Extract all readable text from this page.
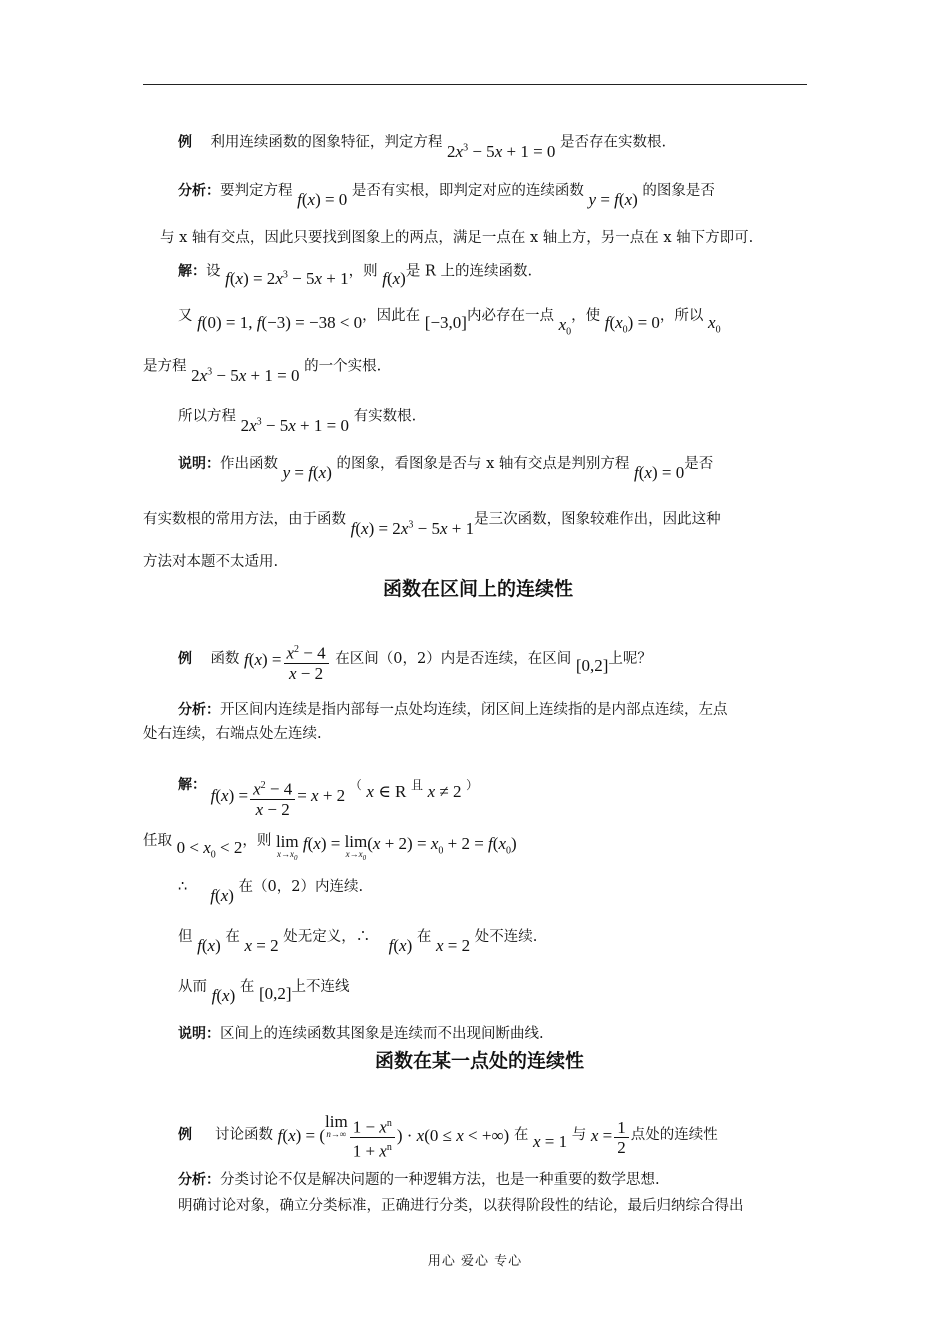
例 利用连续函数的图象特征，判定方程 $2x^3 - 5x + 1 = 0$ 是否存在实数根.
分析：要判定方程 f(x) = 0 是否有实根，即判定对应的连续函数 y = f(x) 的图象是否
与 x 轴有交点，因此只要找到图象上的两点，满足一点在 x 轴上方，另一点在 x 轴下方即可.
解：设 $f(x) = 2x^3 - 5x + 1$，则 f(x)是 R 上的连续函数.
又 f(0) = 1, f(−3) = −38 < 0，因此在 [−3,0]内必存在一点 $x_0$，使 $f(x_0) = 0$，所以 $x_0$
是方程 $2x^3 - 5x + 1 = 0$ 的一个实根.
所以方程 $2x^3 - 5x + 1 = 0$ 有实数根.
说明：作出函数 y = f(x) 的图象，看图象是否与 x 轴有交点是判别方程 f(x) = 0是否
有实数根的常用方法，由于函数 $f(x) = 2x^3 - 5x + 1$是三次函数，图象较难作出，因此这种
方法对本题不太适用.
函数在区间上的连续性
例 函数 $f(x) = \frac{x^2 - 4}{x - 2}$ 在区间（0，2）内是否连续，在区间 [0,2]上呢？
分析：开区间内连续是指内部每一点处均连续，闭区间上连续指的是内部点连续，左点
处右连续，右端点处左连续.
解： $f(x) = \frac{x^2 - 4}{x - 2} = x + 2$ （ x ∈ R 且 x ≠ 2 ）
任取 $0 < x_0 < 2$，则 lim
$x\to x_0$
f(x) = lim
$x\to x_0$
$(x + 2) = x_0 + 2 = f(x_0)$
∴ f(x) 在（0，2）内连续.
但 f(x) 在 x = 2 处无定义，∴ f(x) 在 x = 2 处不连续.
从而 f(x) 在 [0,2]上不连线
说明：区间上的连续函数其图象是连续而不出现间断曲线.
函数在某一点处的连续性
例 讨论函数 f(x) = (lim
$n\to\infty \frac{1 - x^n}{1 + x^n}$ ) · x(0 ≤ x < +∞) 在 x = 1 与 $x = \frac{1}{2}$ 点处的连续性
分析：分类讨论不仅是解决问题的一种逻辑方法，也是一种重要的数学思想.
明确讨论对象，确立分类标准，正确进行分类，以获得阶段性的结论，最后归纳综合得出
用心 爱心 专心
